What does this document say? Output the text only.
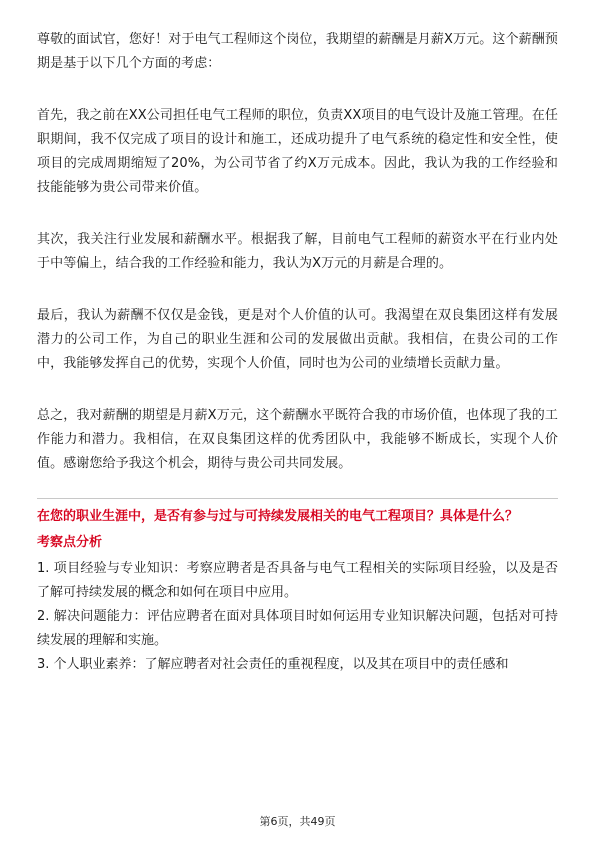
尊敬的面试官，您好！对于电气工程师这个岗位，我期望的薪酬是月薪X万元。这个薪酬预期是基于以下几个方面的考虑：

首先，我之前在XX公司担任电气工程师的职位，负责XX项目的电气设计及施工管理。在任职期间，我不仅完成了项目的设计和施工，还成功提升了电气系统的稳定性和安全性，使项目的完成周期缩短了20%，为公司节省了约X万元成本。因此，我认为我的工作经验和技能能够为贵公司带来价值。

其次，我关注行业发展和薪酬水平。根据我了解，目前电气工程师的薪资水平在行业内处于中等偏上，结合我的工作经验和能力，我认为X万元的月薪是合理的。

最后，我认为薪酬不仅仅是金钱，更是对个人价值的认可。我渴望在双良集团这样有发展潜力的公司工作，为自己的职业生涯和公司的发展做出贡献。我相信，在贵公司的工作中，我能够发挥自己的优势，实现个人价值，同时也为公司的业绩增长贡献力量。

总之，我对薪酬的期望是月薪X万元，这个薪酬水平既符合我的市场价值，也体现了我的工作能力和潜力。我相信，在双良集团这样的优秀团队中，我能够不断成长，实现个人价值。感谢您给予我这个机会，期待与贵公司共同发展。

在您的职业生涯中，是否有参与过与可持续发展相关的电气工程项目？具体是什么？

考察点分析

1. 项目经验与专业知识：考察应聘者是否具备与电气工程相关的实际项目经验，以及是否了解可持续发展的概念和如何在项目中应用。

2. 解决问题能力：评估应聘者在面对具体项目时如何运用专业知识解决问题，包括对可持续发展的理解和实施。

3. 个人职业素养：了解应聘者对社会责任的重视程度，以及其在项目中的责任感和

第6页，共49页
